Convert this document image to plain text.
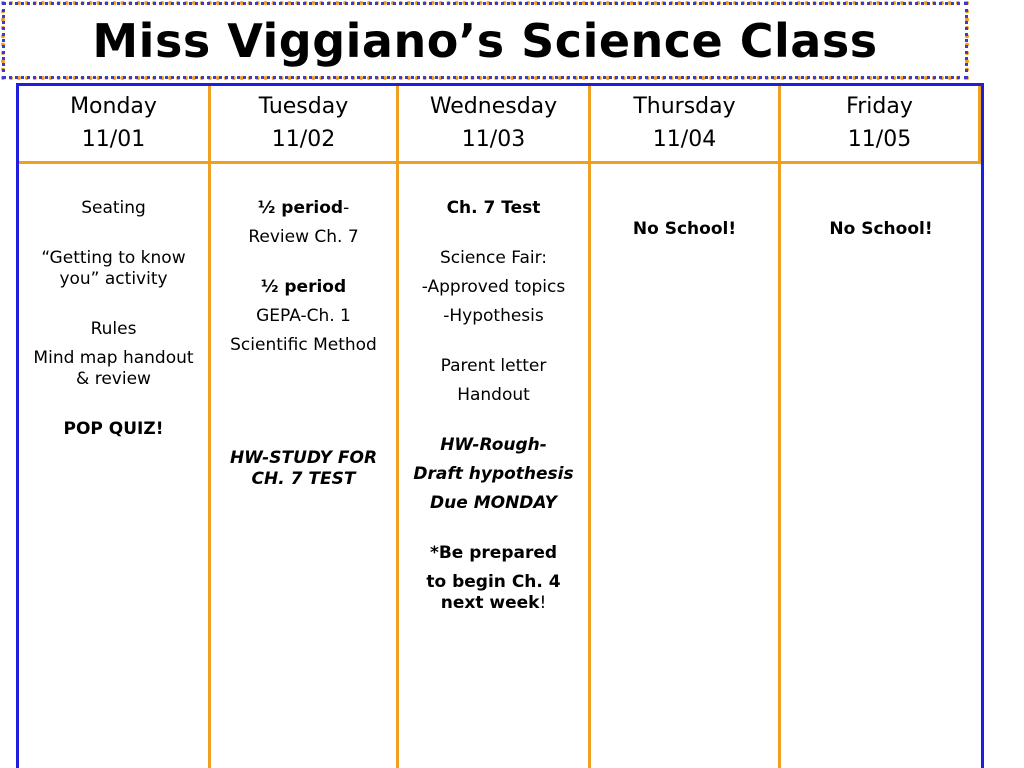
Miss Viggiano’s Science Class
Monday
11/01
Tuesday
11/02
Wednesday
11/03
Thursday
11/04
Friday
11/05
Seating
“Getting to know you” activity
Rules
Mind map handout & review
POP QUIZ!
½ period-
Review Ch. 7
½ period
GEPA-Ch. 1
Scientific Method
HW-STUDY FOR CH. 7 TEST
Ch. 7 Test
Science Fair:
-Approved topics
-Hypothesis
Parent letter
Handout
HW-Rough-
Draft hypothesis
Due MONDAY
*Be prepared
to begin Ch. 4 next week!
No School!	No School!
